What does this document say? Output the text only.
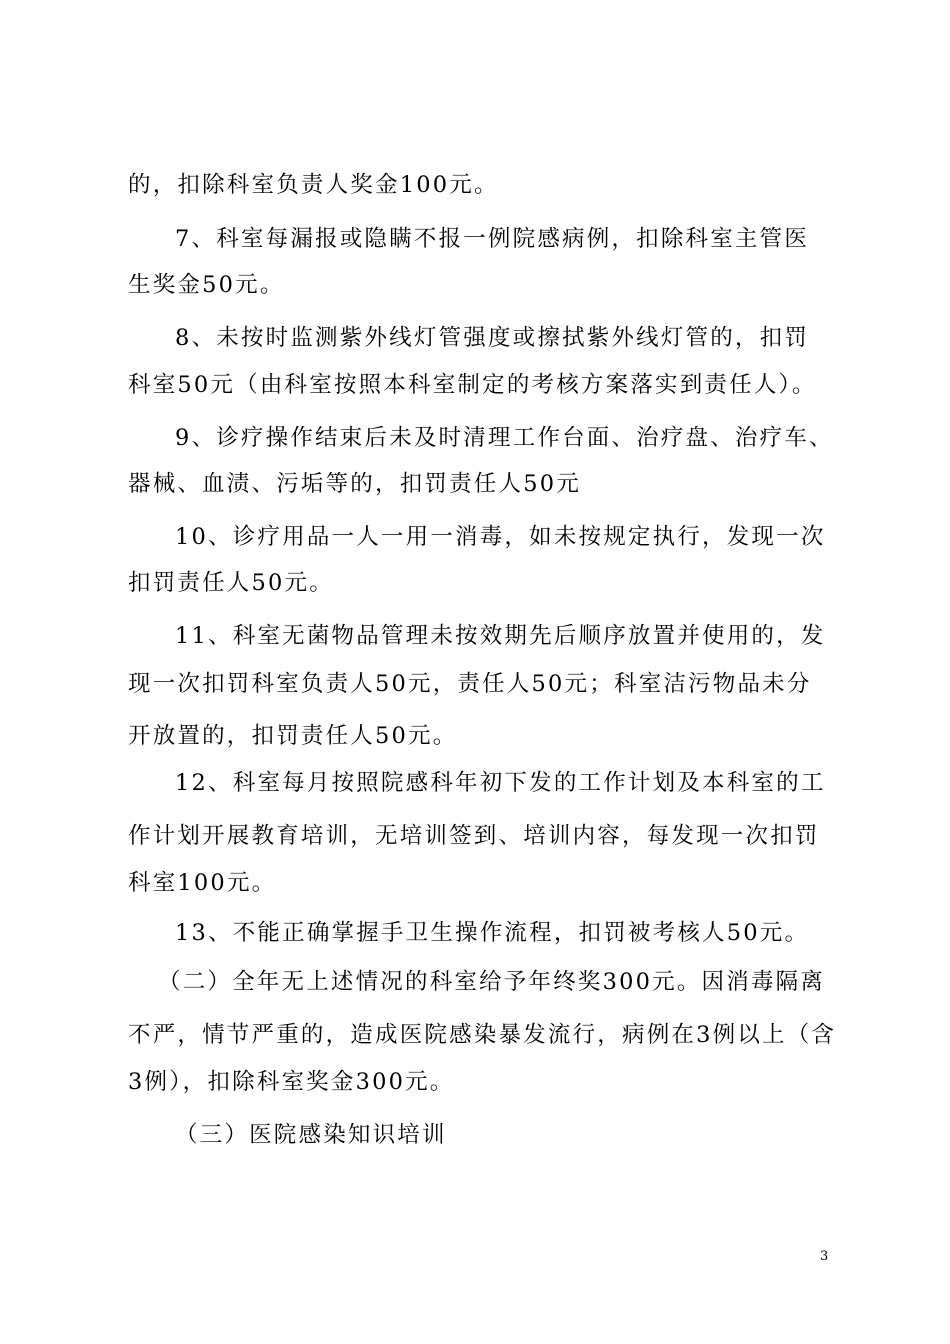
的，扣除科室负责人奖金100元。
7、科室每漏报或隐瞒不报一例院感病例，扣除科室主管医
生奖金50元。
8、未按时监测紫外线灯管强度或擦拭紫外线灯管的，扣罚
科室50元（由科室按照本科室制定的考核方案落实到责任人）。
9、诊疗操作结束后未及时清理工作台面、治疗盘、治疗车、
器械、血渍、污垢等的，扣罚责任人50元
10、诊疗用品一人一用一消毒，如未按规定执行，发现一次
扣罚责任人50元。
11、科室无菌物品管理未按效期先后顺序放置并使用的，发
现一次扣罚科室负责人50元，责任人50元；科室洁污物品未分
开放置的，扣罚责任人50元。
12、科室每月按照院感科年初下发的工作计划及本科室的工
作计划开展教育培训，无培训签到、培训内容，每发现一次扣罚
科室100元。
13、不能正确掌握手卫生操作流程，扣罚被考核人50元。
（二）全年无上述情况的科室给予年终奖300元。因消毒隔离
不严，情节严重的，造成医院感染暴发流行，病例在3例以上（含
3例），扣除科室奖金300元。
（三）医院感染知识培训
3
